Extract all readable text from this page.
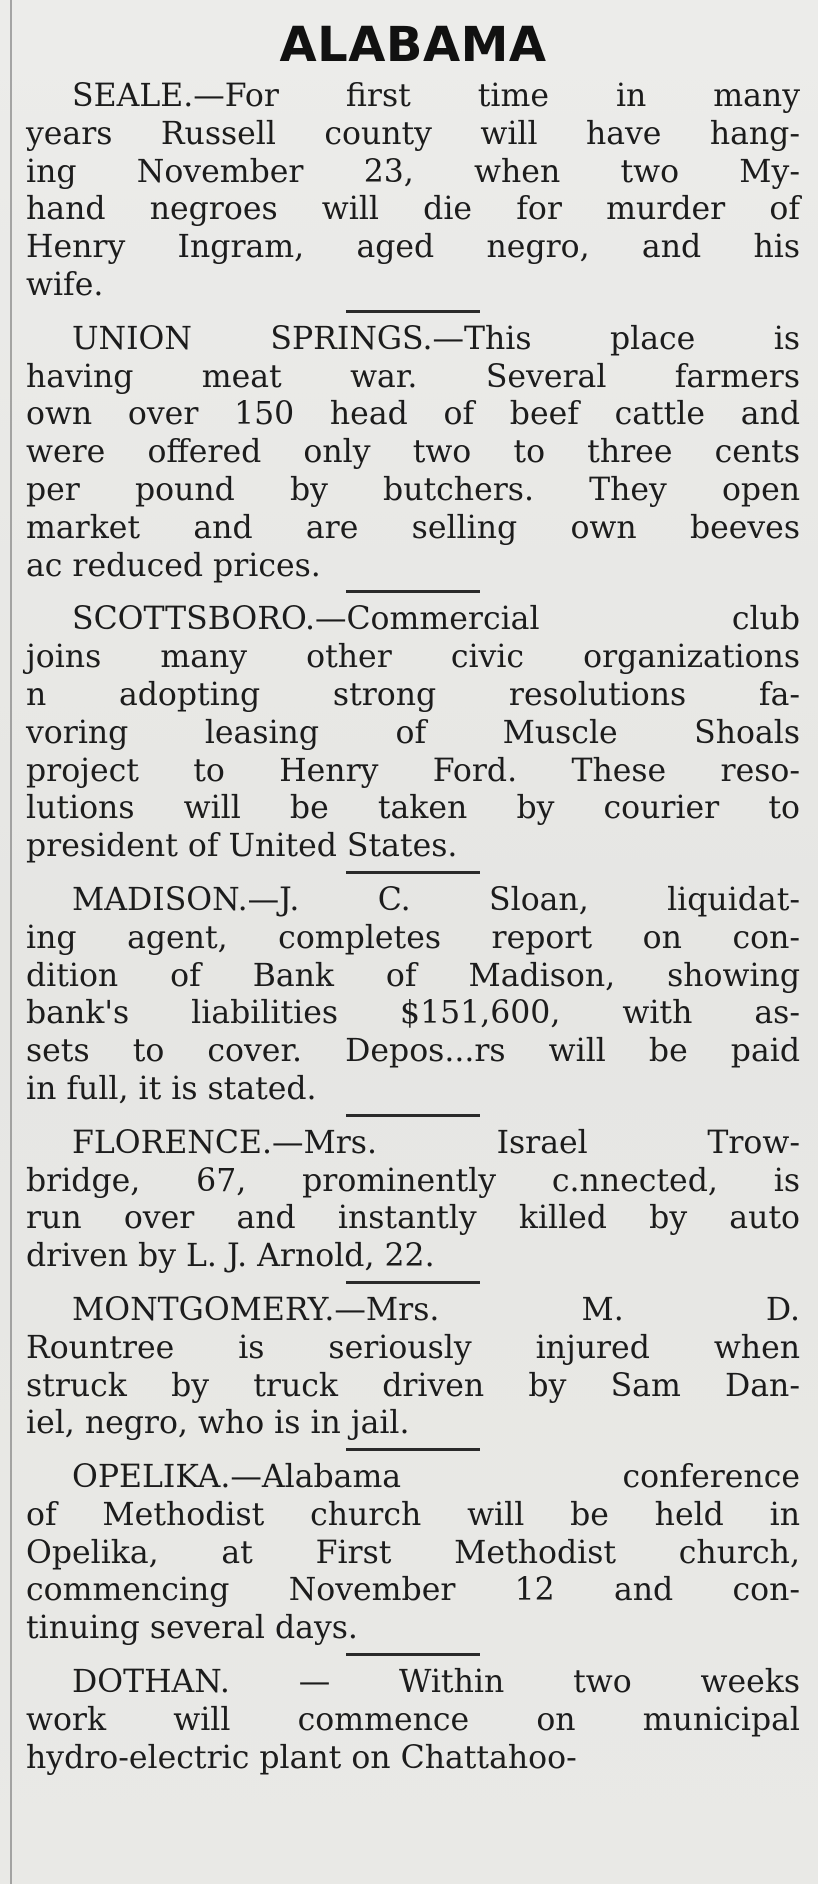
ALABAMA

SEALE.—For first time in many
years Russell county will have hang-
ing November 23, when two My-
hand negroes will die for murder of
Henry Ingram, aged negro, and his
wife.

UNION SPRINGS.—This place is
having meat war. Several farmers
own over 150 head of beef cattle and
were offered only two to three cents
per pound by butchers. They open
market and are selling own beeves
ac reduced prices.

SCOTTSBORO.—Commercial club
joins many other civic organizations
n adopting strong resolutions fa-
voring leasing of Muscle Shoals
project to Henry Ford. These reso-
lutions will be taken by courier to
president of United States.

MADISON.—J. C. Sloan, liquidat-
ing agent, completes report on con-
dition of Bank of Madison, showing
bank's liabilities $151,600, with as-
sets to cover. Depos...rs will be paid
in full, it is stated.

FLORENCE.—Mrs. Israel Trow-
bridge, 67, prominently c.nnected, is
run over and instantly killed by auto
driven by L. J. Arnold, 22.

MONTGOMERY.—Mrs. M. D.
Rountree is seriously injured when
struck by truck driven by Sam Dan-
iel, negro, who is in jail.

OPELIKA.—Alabama conference
of Methodist church will be held in
Opelika, at First Methodist church,
commencing November 12 and con-
tinuing several days.

DOTHAN. — Within two weeks
work will commence on municipal
hydro-electric plant on Chattahoo-
